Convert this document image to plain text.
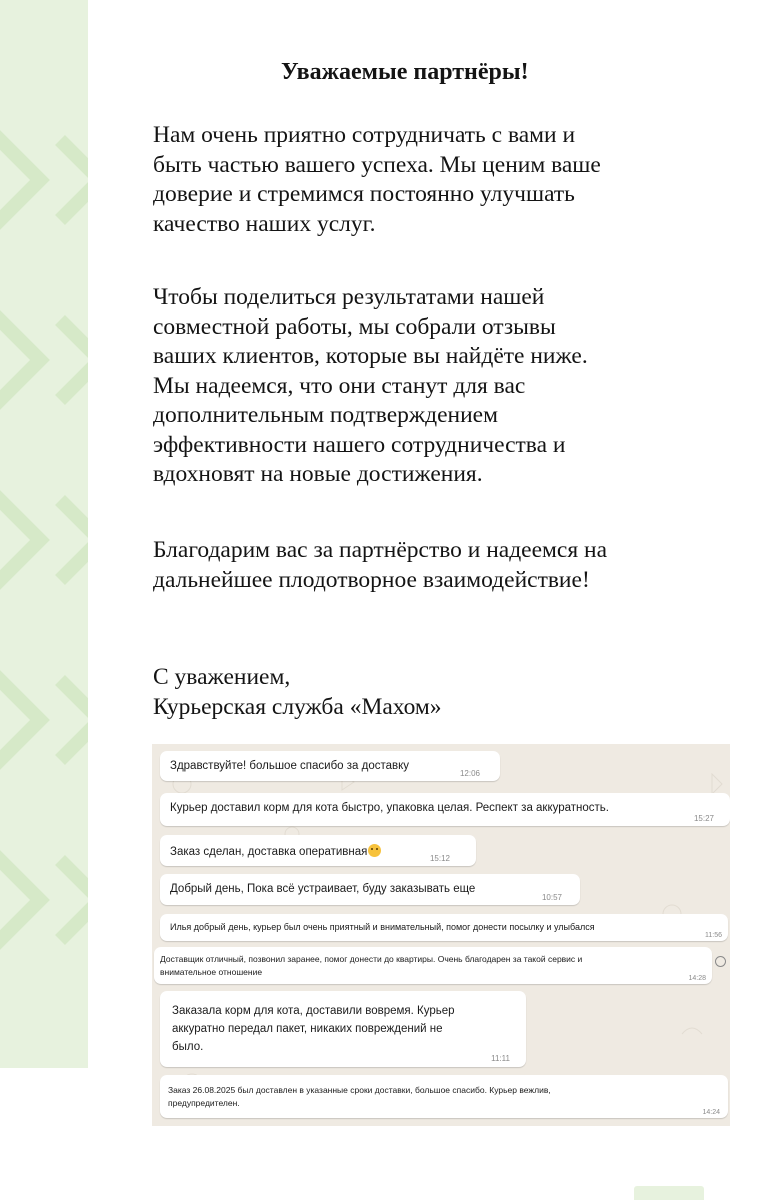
Уважаемые партнёры!
Нам очень приятно сотрудничать с вами и
быть частью вашего успеха. Мы ценим ваше
доверие и стремимся постоянно улучшать
качество наших услуг.
Чтобы поделиться результатами нашей
совместной работы, мы собрали отзывы
ваших клиентов, которые вы найдёте ниже.
Мы надеемся, что они станут для вас
дополнительным подтверждением
эффективности нашего сотрудничества и
вдохновят на новые достижения.
Благодарим вас за партнёрство и надеемся на
дальнейшее плодотворное взаимодействие!
С уважением,
Курьерская служба «Махом»
Здравствуйте! большое спасибо за доставку
12:06
Курьер доставил корм для кота быстро, упаковка целая. Респект за аккуратность.
15:27
Заказ сделан, доставка оперативная
15:12
Добрый день, Пока всё устраивает, буду заказывать еще
10:57
Илья добрый день, курьер был очень приятный и внимательный, помог донести посылку и улыбался
11:56
Доставщик отличный, позвонил заранее, помог донести до квартиры. Очень благодарен за такой сервис и
внимательное отношение
14:28
Заказала корм для кота, доставили вовремя. Курьер
аккуратно передал пакет, никаких повреждений не
было.
11:11
Заказ 26.08.2025 был доставлен в указанные сроки доставки, большое спасибо. Курьер вежлив,
предупредителен.
14:24
